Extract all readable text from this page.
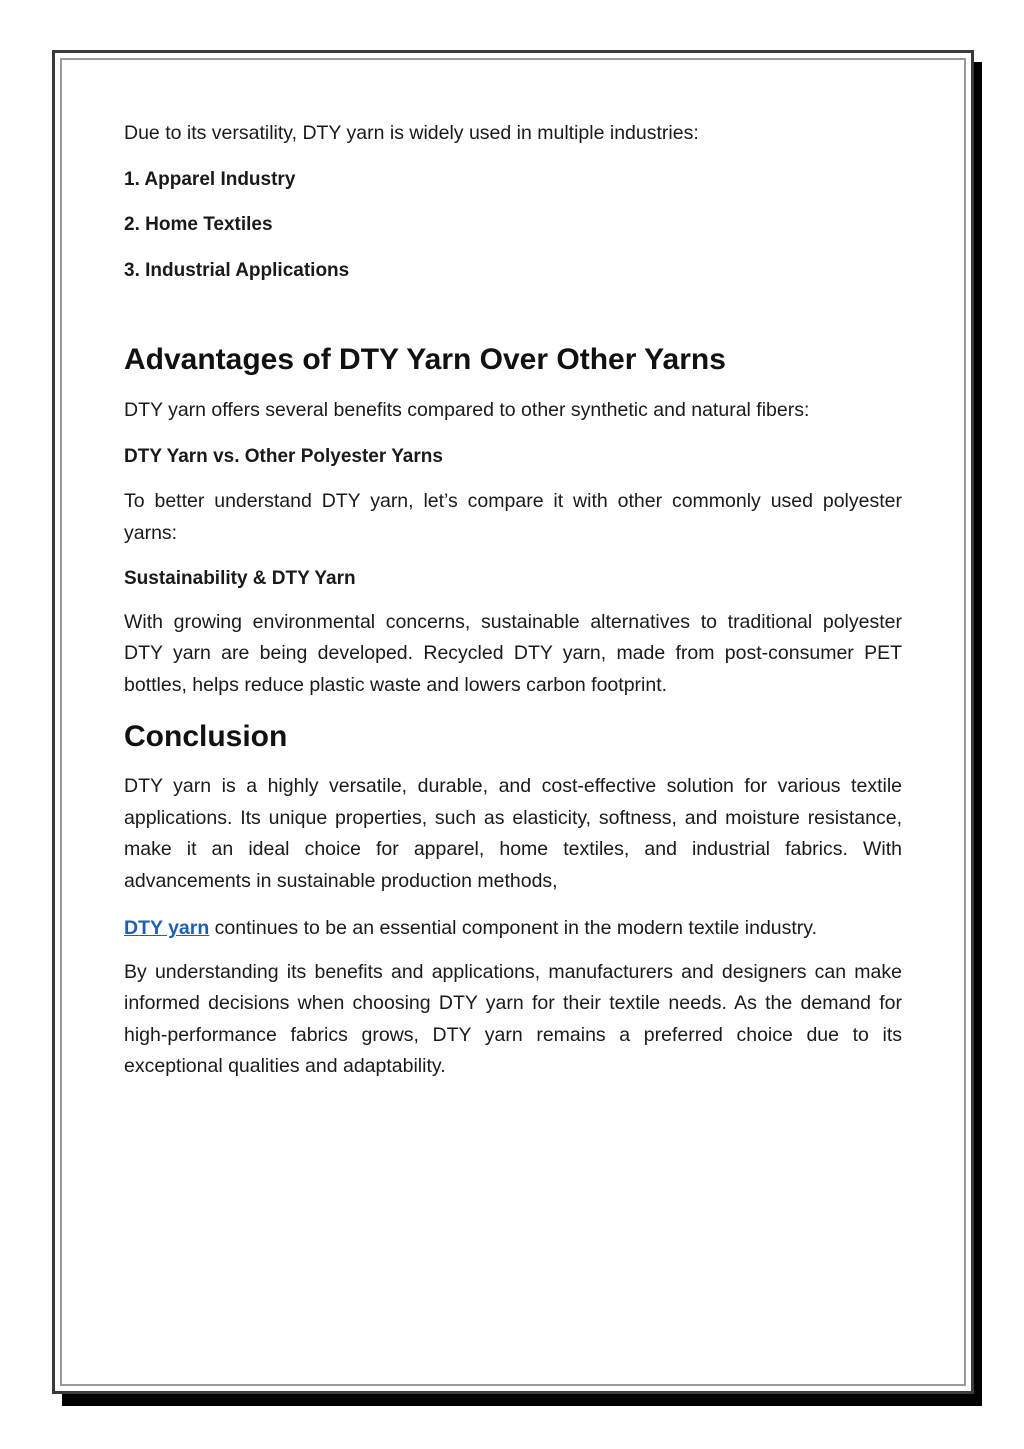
Due to its versatility, DTY yarn is widely used in multiple industries:

1. Apparel Industry

2. Home Textiles

3. Industrial Applications

Advantages of DTY Yarn Over Other Yarns

DTY yarn offers several benefits compared to other synthetic and natural fibers:

DTY Yarn vs. Other Polyester Yarns

To better understand DTY yarn, let’s compare it with other commonly used polyester yarns:

Sustainability & DTY Yarn

With growing environmental concerns, sustainable alternatives to traditional polyester DTY yarn are being developed. Recycled DTY yarn, made from post-consumer PET bottles, helps reduce plastic waste and lowers carbon footprint.

Conclusion

DTY yarn is a highly versatile, durable, and cost-effective solution for various textile applications. Its unique properties, such as elasticity, softness, and moisture resistance, make it an ideal choice for apparel, home textiles, and industrial fabrics. With advancements in sustainable production methods,

DTY yarn continues to be an essential component in the modern textile industry.

By understanding its benefits and applications, manufacturers and designers can make informed decisions when choosing DTY yarn for their textile needs. As the demand for high-performance fabrics grows, DTY yarn remains a preferred choice due to its exceptional qualities and adaptability.
